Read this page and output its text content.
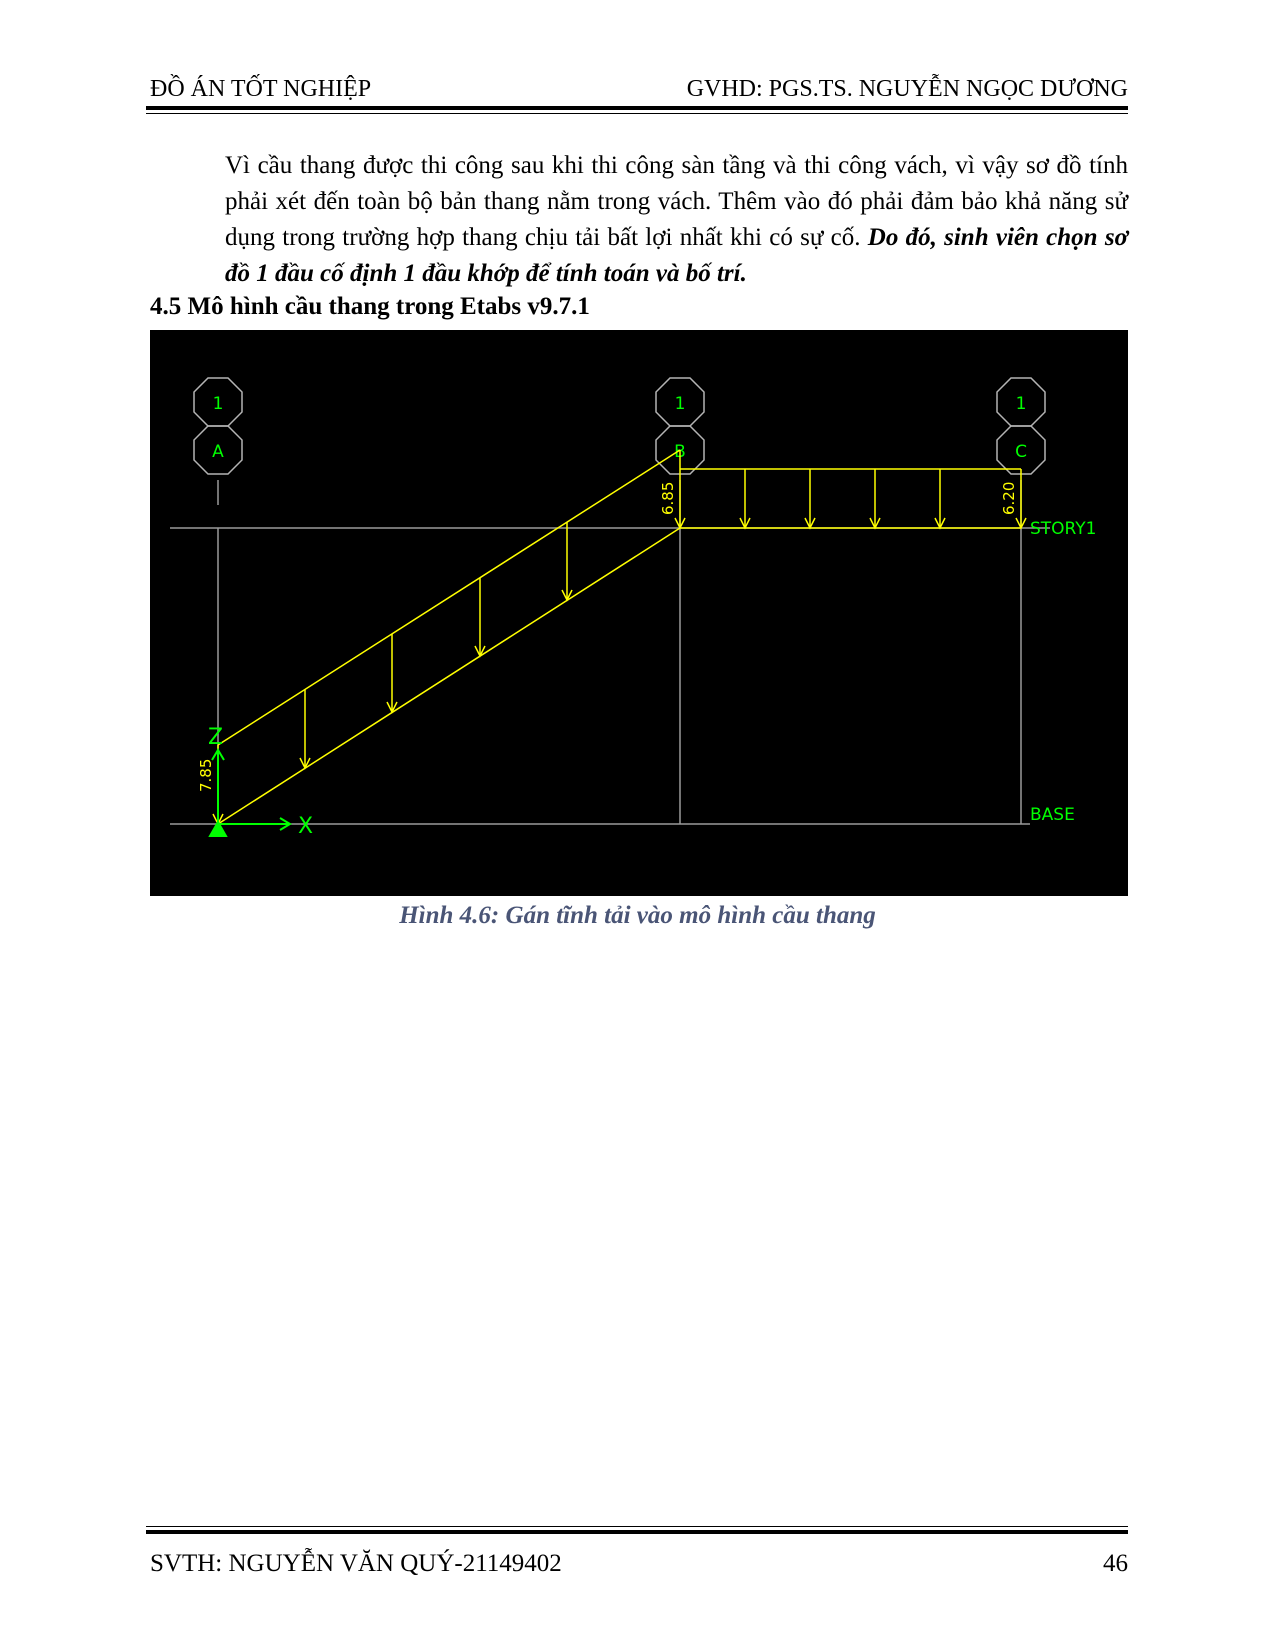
ĐỒ ÁN TỐT NGHIỆP	GVHD: PGS.TS. NGUYỄN NGỌC DƯƠNG
Vì cầu thang được thi công sau khi thi công sàn tầng và thi công vách, vì vậy sơ đồ tính phải xét đến toàn bộ bản thang nằm trong vách. Thêm vào đó phải đảm bảo khả năng sử dụng trong trường hợp thang chịu tải bất lợi nhất khi có sự cố. Do đó, sinh viên chọn sơ đồ 1 đầu cố định 1 đầu khớp để tính toán và bố trí.
4.5 Mô hình cầu thang trong Etabs v9.7.1
1
A
1
B
1
C
7.85
6.85	6.20
STORY1
BASE
X
Z
Hình 4.6: Gán tĩnh tải vào mô hình cầu thang
SVTH: NGUYỄN VĂN QUÝ-21149402	46
